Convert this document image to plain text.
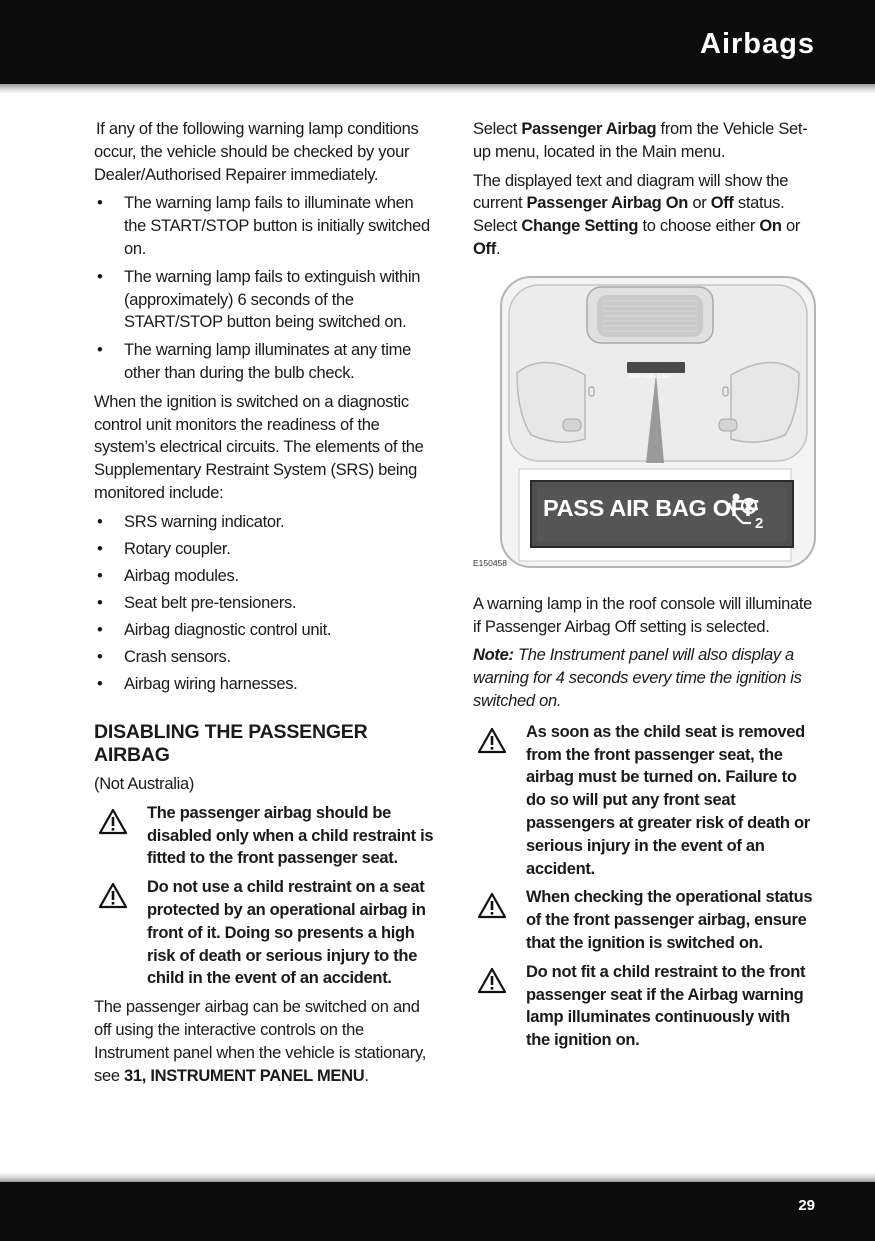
Airbags

If any of the following warning lamp conditions occur, the vehicle should be checked by your Dealer/Authorised Repairer immediately.

• The warning lamp fails to illuminate when the START/STOP button is initially switched on.
• The warning lamp fails to extinguish within (approximately) 6 seconds of the START/STOP button being switched on.
• The warning lamp illuminates at any time other than during the bulb check.

When the ignition is switched on a diagnostic control unit monitors the readiness of the system’s electrical circuits. The elements of the Supplementary Restraint System (SRS) being monitored include:

• SRS warning indicator.
• Rotary coupler.
• Airbag modules.
• Seat belt pre-tensioners.
• Airbag diagnostic control unit.
• Crash sensors.
• Airbag wiring harnesses.
DISABLING THE PASSENGER AIRBAG

(Not Australia)

The passenger airbag should be disabled only when a child restraint is fitted to the front passenger seat.
Do not use a child restraint on a seat protected by an operational airbag in front of it. Doing so presents a high risk of death or serious injury to the child in the event of an accident.

The passenger airbag can be switched on and off using the interactive controls on the Instrument panel when the vehicle is stationary, see 31, INSTRUMENT PANEL MENU.

Select Passenger Airbag from the Vehicle Set-up menu, located in the Main menu.

The displayed text and diagram will show the current Passenger Airbag On or Off status. Select Change Setting to choose either On or Off.

2
PASS AIRBAG OFF
PASS AIR BAG OFF
E150458

A warning lamp in the roof console will illuminate if Passenger Airbag Off setting is selected.

Note: The Instrument panel will also display a warning for 4 seconds every time the ignition is switched on.

As soon as the child seat is removed from the front passenger seat, the airbag must be turned on. Failure to do so will put any front seat passengers at greater risk of death or serious injury in the event of an accident.
When checking the operational status of the front passenger airbag, ensure that the ignition is switched on.
Do not fit a child restraint to the front passenger seat if the Airbag warning lamp illuminates continuously with the ignition on.
29
